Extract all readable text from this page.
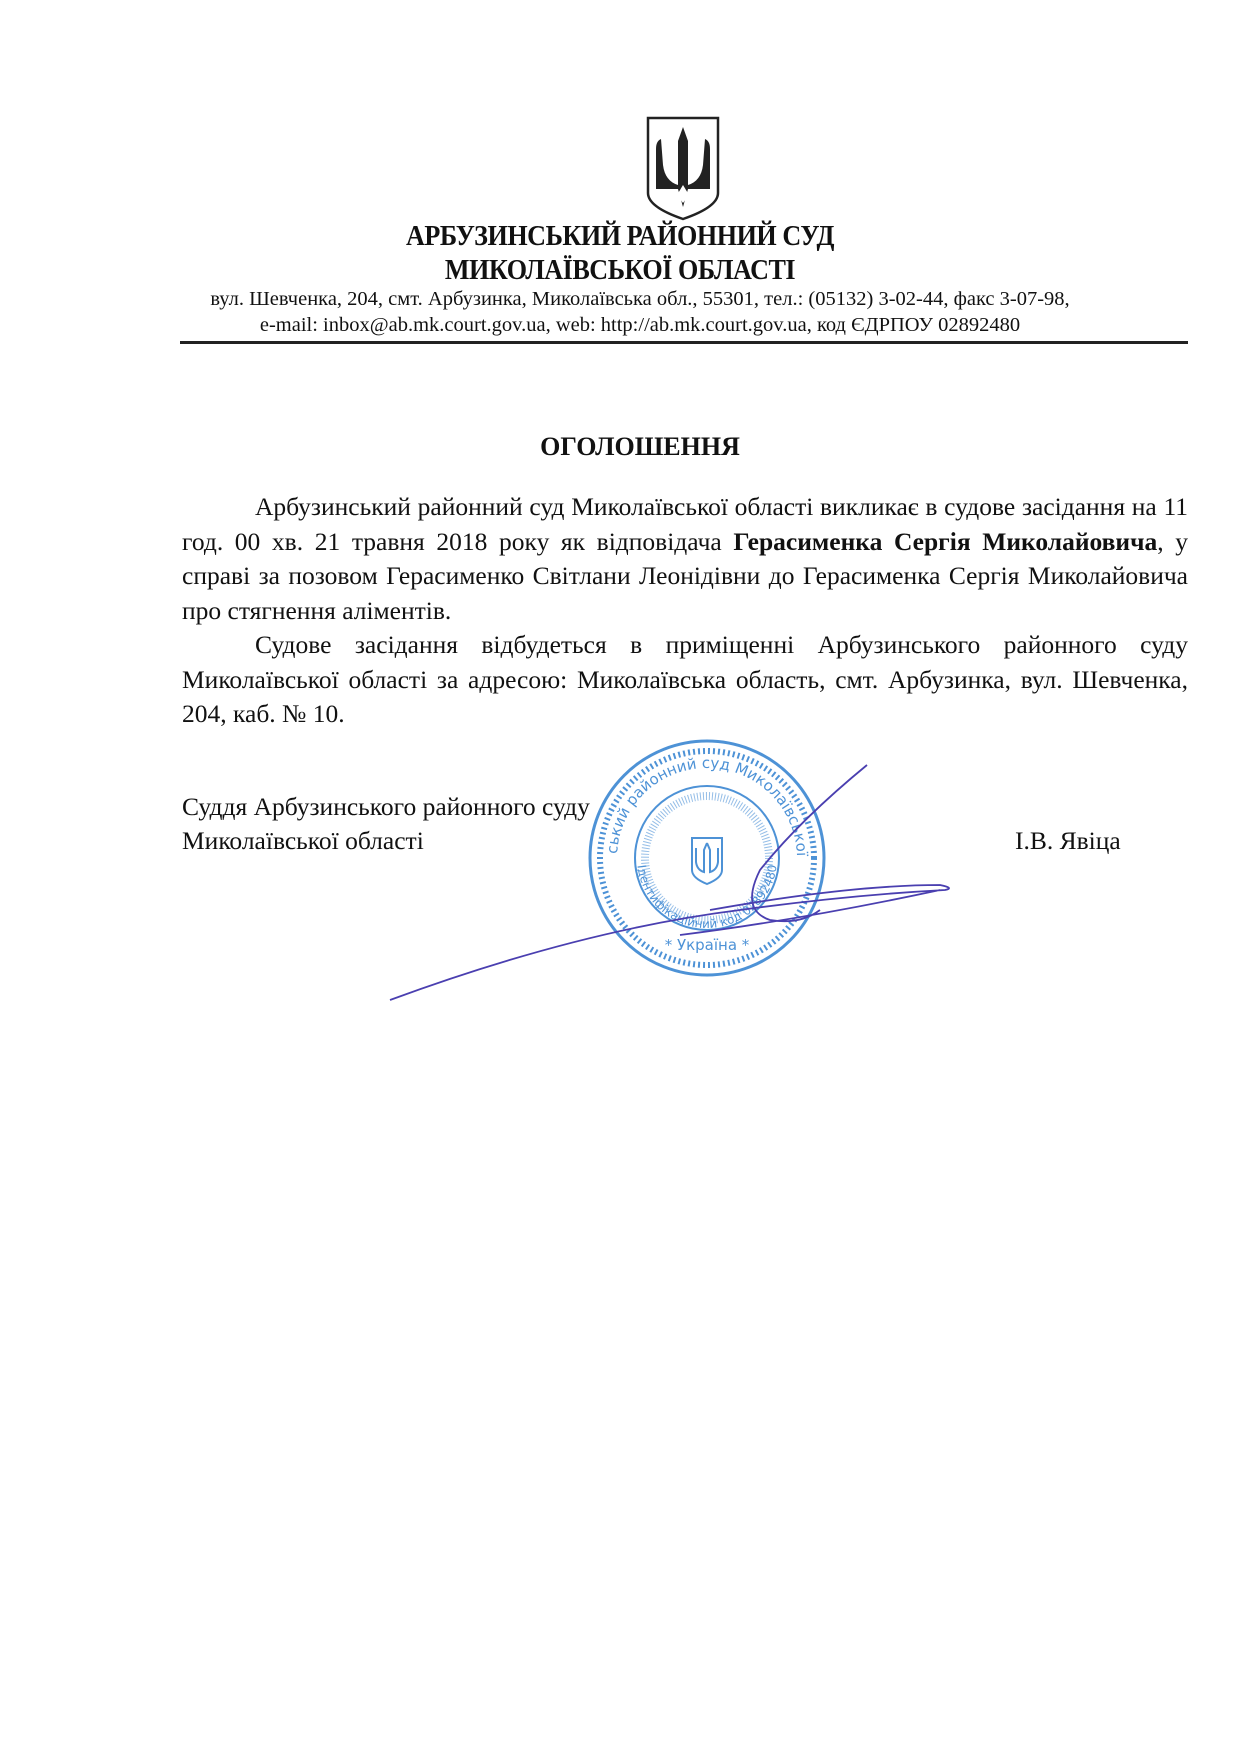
АРБУЗИНСЬКИЙ РАЙОННИЙ СУД
МИКОЛАЇВСЬКОЇ ОБЛАСТІ
вул. Шевченка, 204, смт. Арбузинка, Миколаївська обл., 55301, тел.: (05132) 3-02-44, факс 3-07-98,
e-mail: inbox@ab.mk.court.gov.ua, web: http://ab.mk.court.gov.ua, код ЄДРПОУ 02892480
ОГОЛОШЕННЯ

Арбузинський районний суд Миколаївської області викликає в судове засідання на 11 год. 00 хв. 21 травня 2018 року як відповідача Герасименка Сергія Миколайовича, у справі за позовом Герасименко Світлани Леонідівни до Герасименка Сергія Миколайовича про стягнення аліментів.

Судове засідання відбудеться в приміщенні Арбузинського районного суду Миколаївської області за адресою: Миколаївська область, смт. Арбузинка, вул. Шевченка, 204, каб. № 10.

Суддя Арбузинського районного суду
Миколаївської області	І.В. Явіца
ський районний суд Миколаївської
Ідентифікаційний код 02892480
* Україна *
